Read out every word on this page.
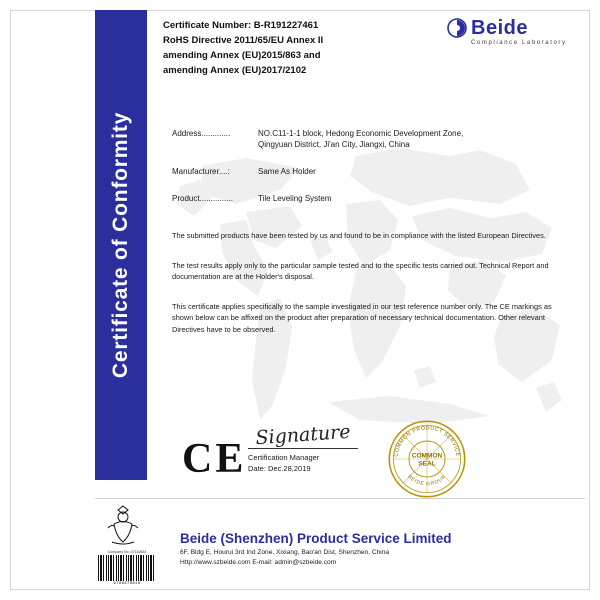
Certificate of Conformity
Certificate Number: B-R191227461
RoHS Directive 2011/65/EU Annex II
amending Annex (EU)2015/863 and
amending Annex (EU)2017/2102
Beide
Compliance Laboratory
Address.............	NO.C11-1-1 block, Hedong Economic Development Zone,
Qingyuan District, Ji'an City, Jiangxi, China
Manufacturer....:	Same As Holder
Product...............	Tile Leveling System
The submitted products have been tested by us and found to be in compliance with the listed European Directives.
The test results apply only to the particular sample tested and to the specific tests carried out. Technical Report and documentation are at the Holder's disposal.
This certificate applies specifically to the sample investigated in our test reference number only. The CE markings as shown below can be affixed on the product after preparation of necessary technical documentation. Other relevant Directives have to be observed.
CE
Signature
Certification Manager
Date: Dec.28,2019
COMMON PRODUCT SERVICE
BEIDE GROUP
COMMON
SEAL
Company No.:07110834
9789878610
Beide (Shenzhen) Product Service Limited
6F, Bldg E, Hourui 3rd Ind Zone, Xixiang, Bao'an Dist, Shenzhen, China
Http://www.szbeide.com E-mail: admin@szbeide.com
